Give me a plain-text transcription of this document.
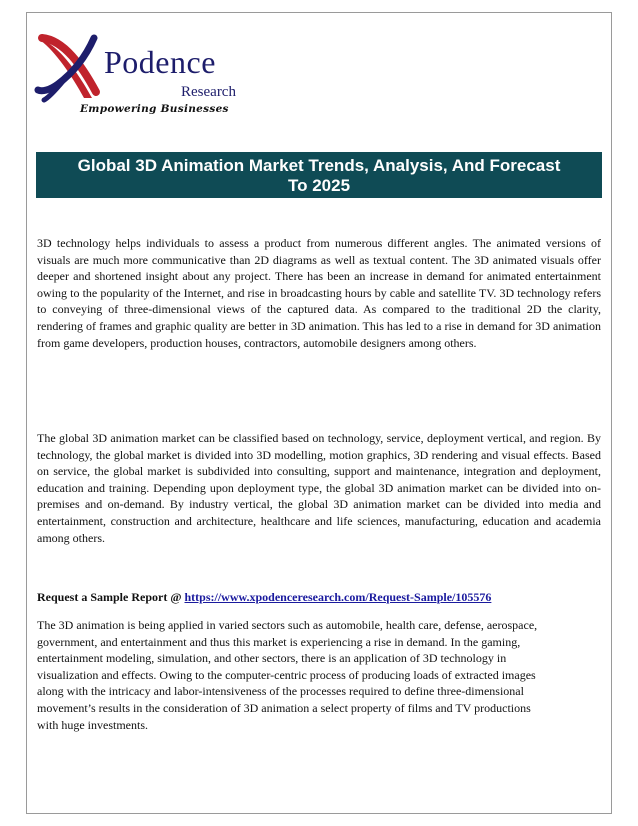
Podence
Research
Empowering Businesses
Global 3D Animation Market Trends, Analysis, And Forecast
To 2025

3D technology helps individuals to assess a product from numerous different angles. The animated versions of visuals are much more communicative than 2D diagrams as well as textual content. The 3D animated visuals offer deeper and shortened insight about any project. There has been an increase in demand for animated entertainment owing to the popularity of the Internet, and rise in broadcasting hours by cable and satellite TV. 3D technology refers to conveying of three-dimensional views of the captured data. As compared to the traditional 2D the clarity, rendering of frames and graphic quality are better in 3D animation. This has led to a rise in demand for 3D animation from game developers, production houses, contractors, automobile designers among others.

The global 3D animation market can be classified based on technology, service, deployment vertical, and region. By technology, the global market is divided into 3D modelling, motion graphics, 3D rendering and visual effects. Based on service, the global market is subdivided into consulting, support and maintenance, integration and deployment, education and training. Depending upon deployment type, the global 3D animation market can be divided into on-premises and on-demand. By industry vertical, the global 3D animation market can be divided into media and entertainment, construction and architecture, healthcare and life sciences, manufacturing, education and academia among others.

Request a Sample Report @ https://www.xpodenceresearch.com/Request-Sample/105576
The 3D animation is being applied in varied sectors such as automobile, health care, defense, aerospace,
government, and entertainment and thus this market is experiencing a rise in demand. In the gaming,
entertainment modeling, simulation, and other sectors, there is an application of 3D technology in
visualization and effects. Owing to the computer-centric process of producing loads of extracted images
along with the intricacy and labor-intensiveness of the processes required to define three-dimensional
movement’s results in the consideration of 3D animation a select property of films and TV productions
with huge investments.
